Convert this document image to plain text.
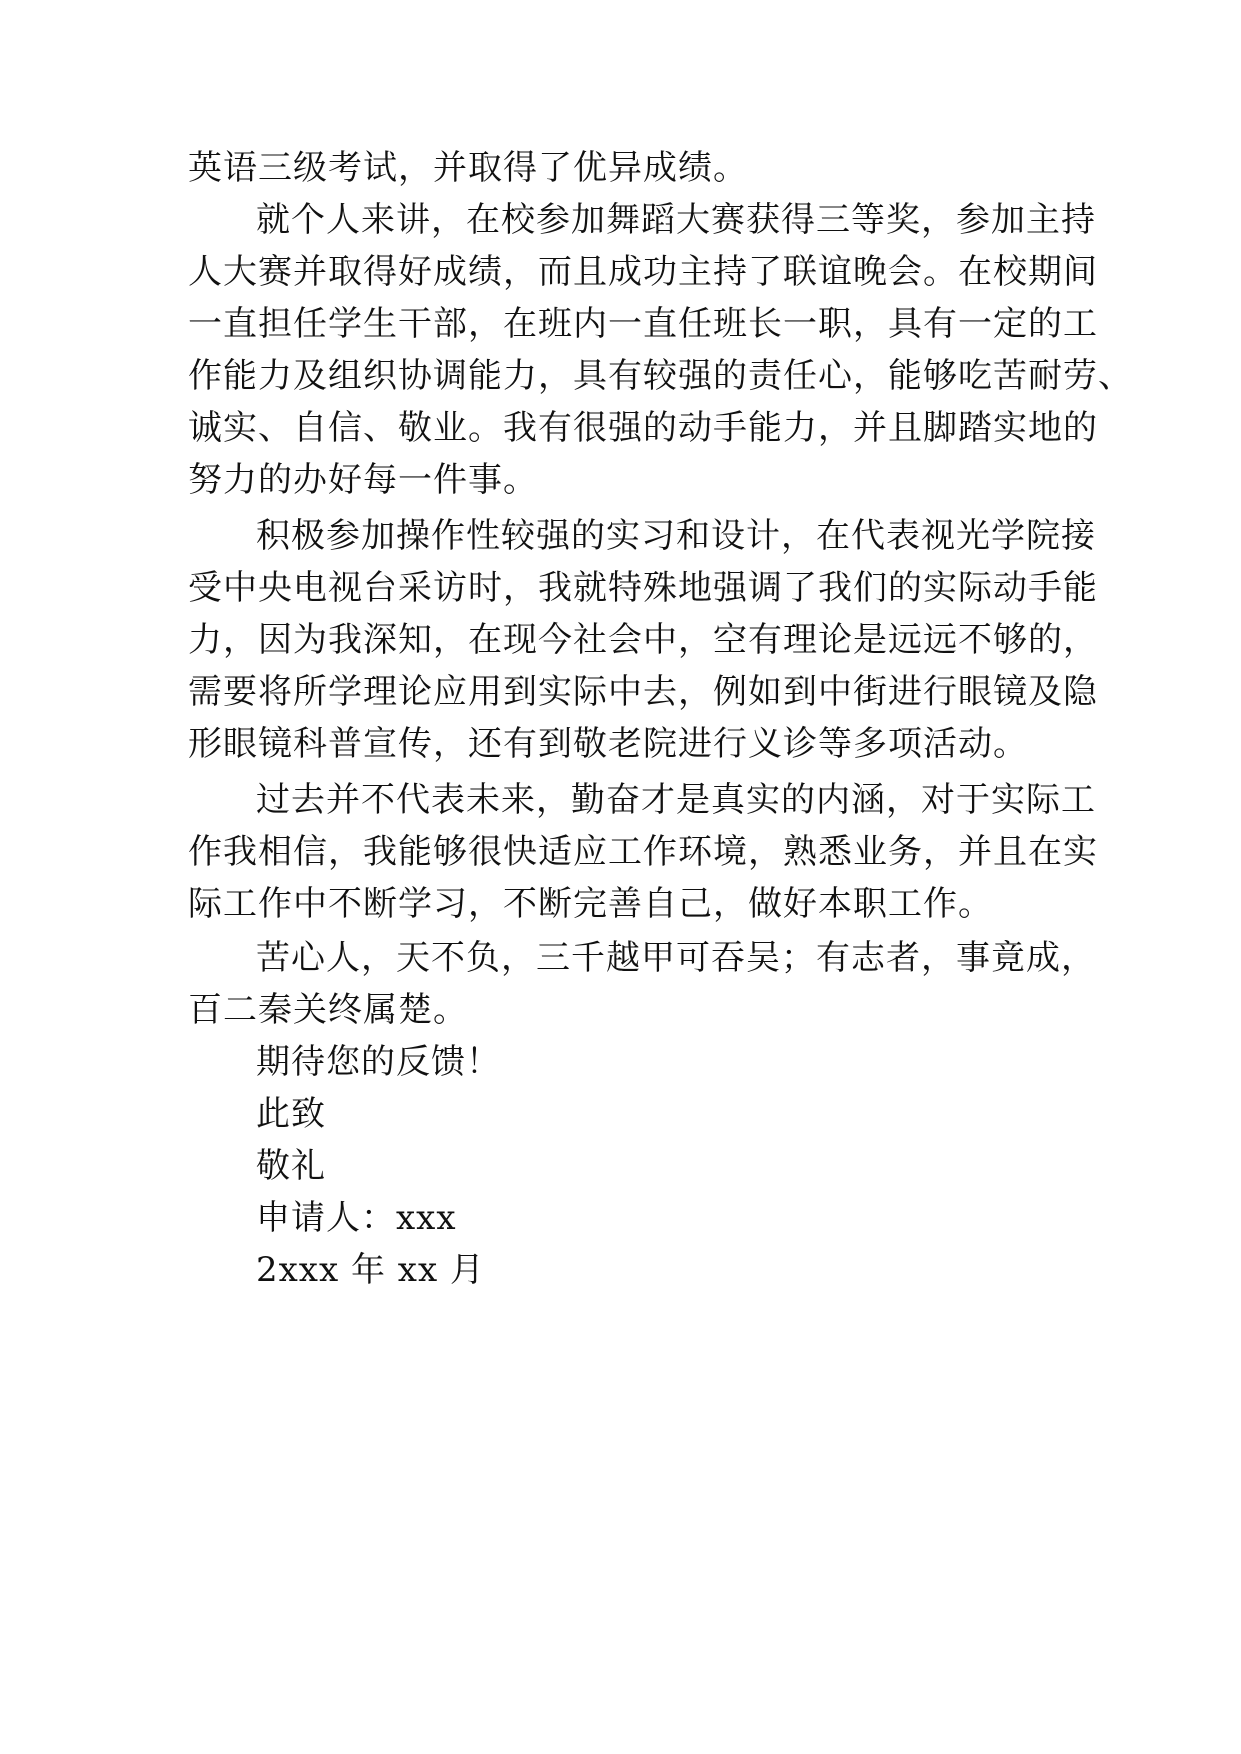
英语三级考试，并取得了优异成绩。
就个人来讲，在校参加舞蹈大赛获得三等奖，参加主持
人大赛并取得好成绩，而且成功主持了联谊晚会。在校期间
一直担任学生干部，在班内一直任班长一职，具有一定的工
作能力及组织协调能力，具有较强的责任心，能够吃苦耐劳、
诚实、自信、敬业。我有很强的动手能力，并且脚踏实地的
努力的办好每一件事。
积极参加操作性较强的实习和设计，在代表视光学院接
受中央电视台采访时，我就特殊地强调了我们的实际动手能
力，因为我深知，在现今社会中，空有理论是远远不够的，
需要将所学理论应用到实际中去，例如到中街进行眼镜及隐
形眼镜科普宣传，还有到敬老院进行义诊等多项活动。
过去并不代表未来，勤奋才是真实的内涵，对于实际工
作我相信，我能够很快适应工作环境，熟悉业务，并且在实
际工作中不断学习，不断完善自己，做好本职工作。
苦心人，天不负，三千越甲可吞吴；有志者，事竟成，
百二秦关终属楚。
期待您的反馈！
此致
敬礼
申请人：xxx
2xxx 年 xx 月
